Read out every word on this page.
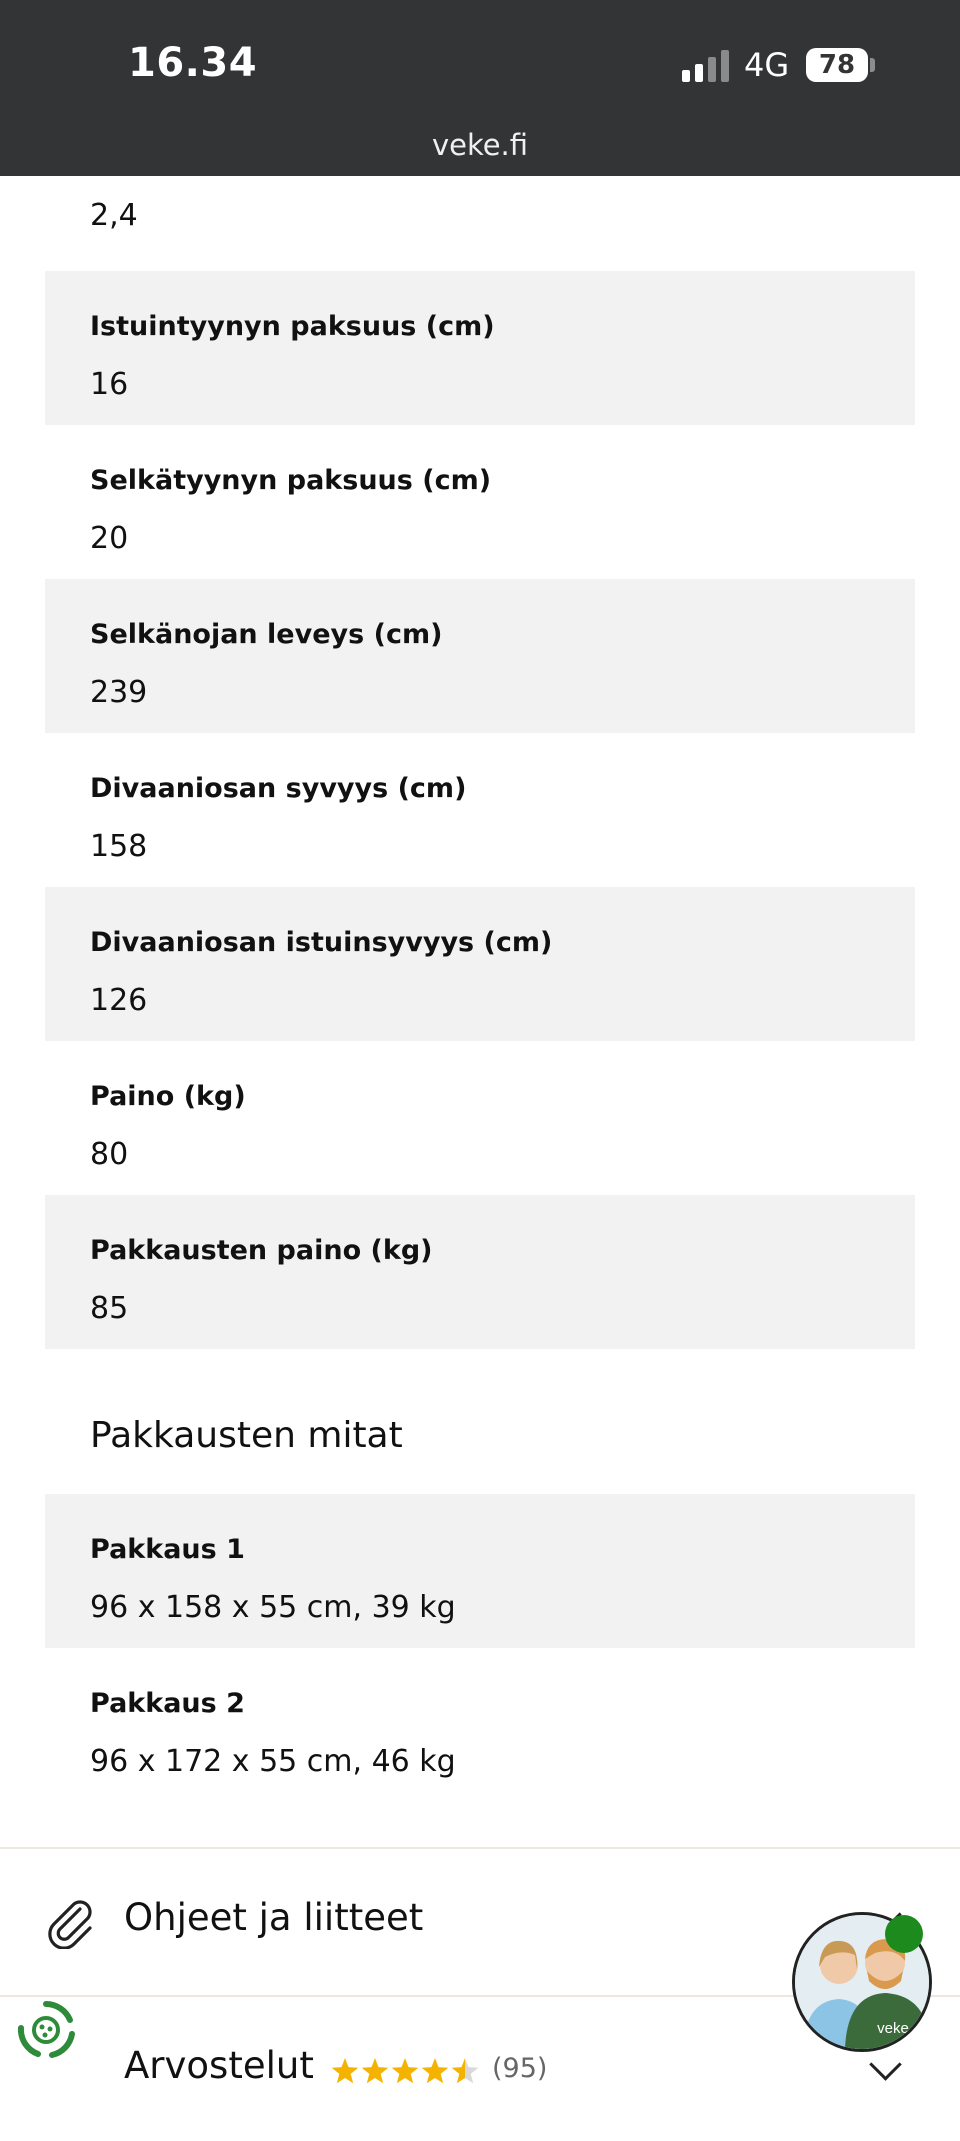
16.34	4G	78
veke.fi
2,4
Istuintyynyn paksuus (cm)
16
Selkätyynyn paksuus (cm)
20
Selkänojan leveys (cm)
239
Divaaniosan syvyys (cm)
158
Divaaniosan istuinsyvyys (cm)
126
Paino (kg)
80
Pakkausten paino (kg)
85
Pakkausten mitat
Pakkaus 1
96 x 158 x 55 cm, 39 kg
Pakkaus 2
96 x 172 x 55 cm, 46 kg
Ohjeet ja liitteet
Arvostelut	(95)
veke
